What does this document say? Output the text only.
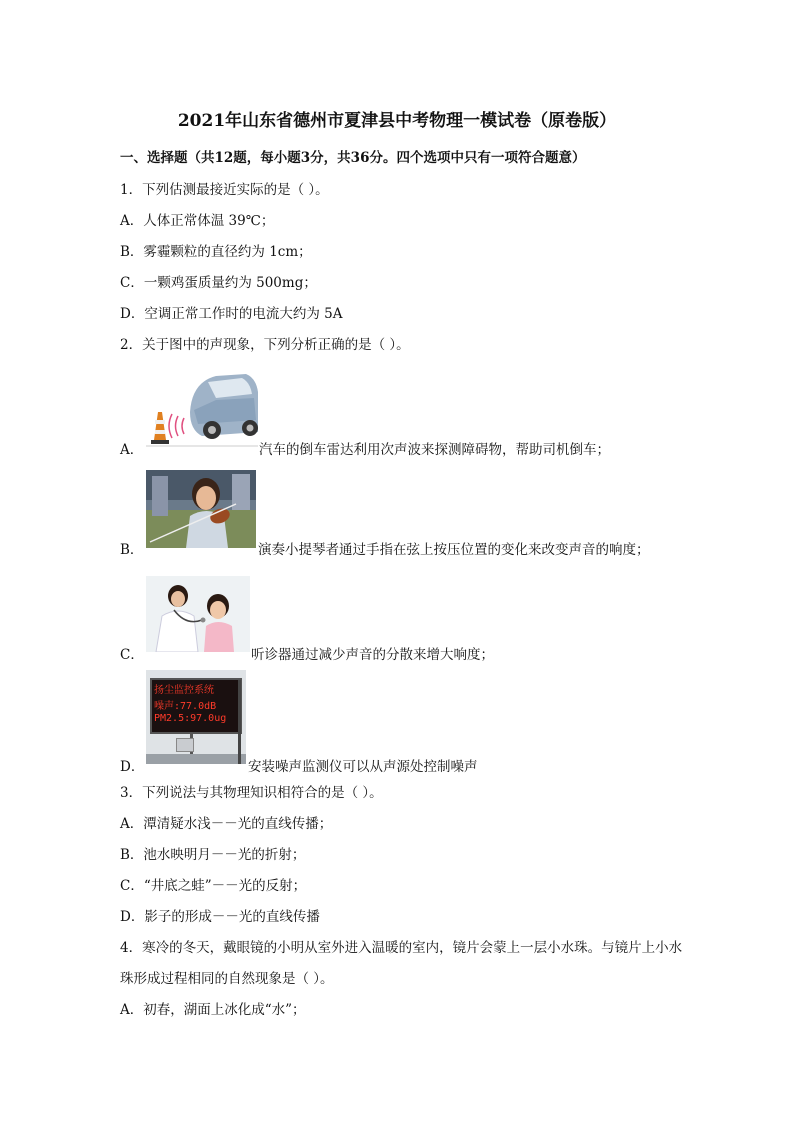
2021年山东省德州市夏津县中考物理一模试卷（原卷版）
一、选择题（共12题，每小题3分，共36分。四个选项中只有一项符合题意）
1．下列估测最接近实际的是（ ）。
A．人体正常体温 39℃；
B．雾霾颗粒的直径约为 1cm；
C．一颗鸡蛋质量约为 500mg；
D．空调正常工作时的电流大约为 5A
2．关于图中的声现象，下列分析正确的是（ ）。
A．	汽车的倒车雷达利用次声波来探测障碍物，帮助司机倒车；
B．	演奏小提琴者通过手指在弦上按压位置的变化来改变声音的响度；
C．	听诊器通过减少声音的分散来增大响度；
扬尘监控系统
噪声:77.0dB
PM2.5:97.0ug
D．	安装噪声监测仪可以从声源处控制噪声
3．下列说法与其物理知识相符合的是（ ）。
A．潭清疑水浅－－光的直线传播；
B．池水映明月－－光的折射；
C．“井底之蛙”－－光的反射；
D．影子的形成－－光的直线传播
4．寒冷的冬天，戴眼镜的小明从室外进入温暖的室内，镜片会蒙上一层小水珠。与镜片上小水
珠形成过程相同的自然现象是（ ）。
A．初春，湖面上冰化成“水”；
